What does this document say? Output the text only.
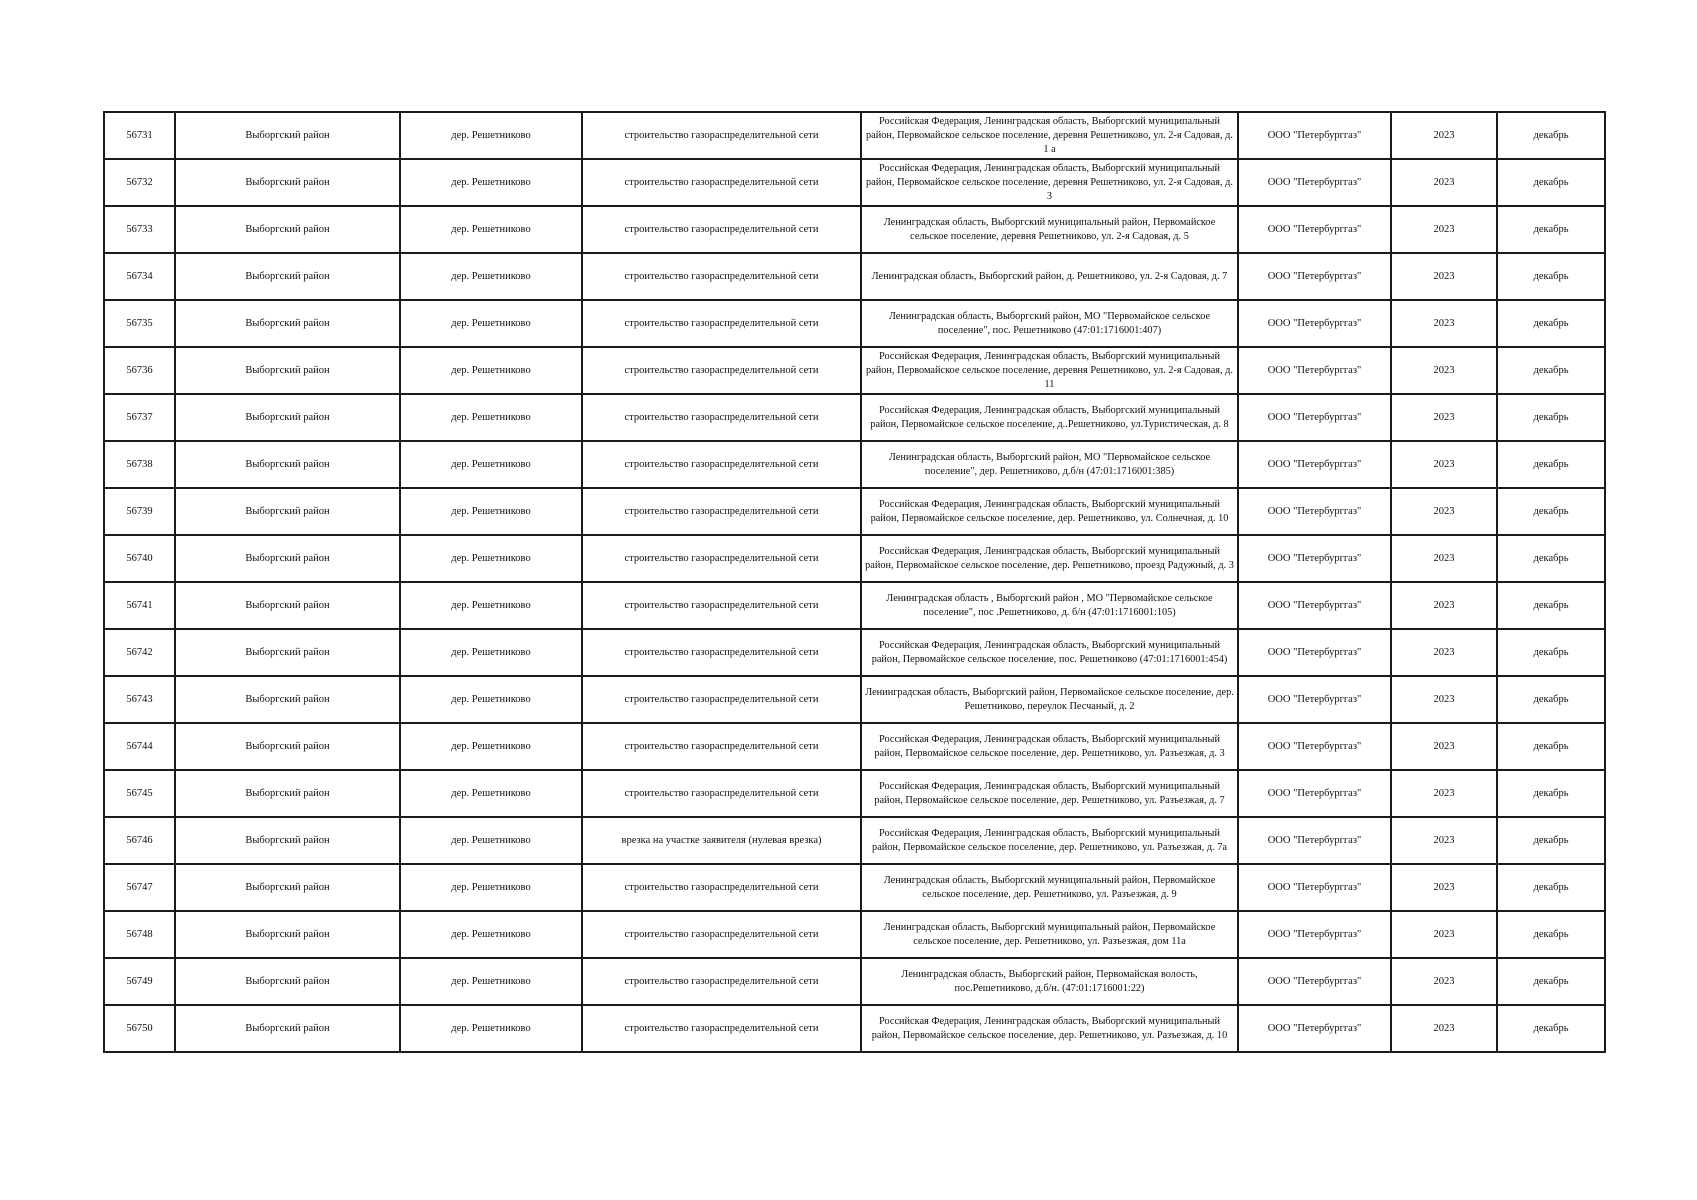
56731	Выборгский район	дер. Решетниково	строительство газораспределительной сети	Российская Федерация, Ленинградская область, Выборгский муниципальный район, Первомайское сельское поселение, деревня Решетниково, ул. 2-я Садовая, д. 1 а	ООО "Петербурггаз"	2023	декабрь
56732	Выборгский район	дер. Решетниково	строительство газораспределительной сети	Российская Федерация, Ленинградская область, Выборгский муниципальный район, Первомайское сельское поселение, деревня Решетниково, ул. 2-я Садовая, д. 3	ООО "Петербурггаз"	2023	декабрь
56733	Выборгский район	дер. Решетниково	строительство газораспределительной сети	Ленинградская область, Выборгский муниципальный район, Первомайское сельское поселение, деревня Решетниково, ул. 2-я Садовая, д. 5	ООО "Петербурггаз"	2023	декабрь
56734	Выборгский район	дер. Решетниково	строительство газораспределительной сети	Ленинградская область, Выборгский район, д. Решетниково, ул. 2-я Садовая, д. 7	ООО "Петербурггаз"	2023	декабрь
56735	Выборгский район	дер. Решетниково	строительство газораспределительной сети	Ленинградская область, Выборгский район, МО "Первомайское сельское поселение", пос. Решетниково (47:01:1716001:407)	ООО "Петербурггаз"	2023	декабрь
56736	Выборгский район	дер. Решетниково	строительство газораспределительной сети	Российская Федерация, Ленинградская область, Выборгский муниципальный район, Первомайское сельское поселение, деревня Решетниково, ул. 2-я Садовая, д. 11	ООО "Петербурггаз"	2023	декабрь
56737	Выборгский район	дер. Решетниково	строительство газораспределительной сети	Российская Федерация, Ленинградская область, Выборгский муниципальный район, Первомайское сельское поселение, д..Решетниково, ул.Туристическая, д. 8	ООО "Петербурггаз"	2023	декабрь
56738	Выборгский район	дер. Решетниково	строительство газораспределительной сети	Ленинградская область, Выборгский район, МО "Первомайское сельское поселение", дер. Решетниково, д.б/н (47:01:1716001:385)	ООО "Петербурггаз"	2023	декабрь
56739	Выборгский район	дер. Решетниково	строительство газораспределительной сети	Российская Федерация, Ленинградская область, Выборгский муниципальный район, Первомайское сельское поселение, дер. Решетниково, ул. Солнечная, д. 10	ООО "Петербурггаз"	2023	декабрь
56740	Выборгский район	дер. Решетниково	строительство газораспределительной сети	Российская Федерация, Ленинградская область, Выборгский муниципальный район, Первомайское сельское поселение, дер. Решетниково, проезд Радужный, д. 3	ООО "Петербурггаз"	2023	декабрь
56741	Выборгский район	дер. Решетниково	строительство газораспределительной сети	Ленинградская область , Выборгский район , МО "Первомайское сельское поселение", пос .Решетниково, д. б/н (47:01:1716001:105)	ООО "Петербурггаз"	2023	декабрь
56742	Выборгский район	дер. Решетниково	строительство газораспределительной сети	Российская Федерация, Ленинградская область, Выборгский муниципальный район, Первомайское сельское поселение, пос. Решетниково (47:01:1716001:454)	ООО "Петербурггаз"	2023	декабрь
56743	Выборгский район	дер. Решетниково	строительство газораспределительной сети	Ленинградская область, Выборгский район, Первомайское сельское поселение, дер. Решетниково, переулок Песчаный, д. 2	ООО "Петербурггаз"	2023	декабрь
56744	Выборгский район	дер. Решетниково	строительство газораспределительной сети	Российская Федерация, Ленинградская область, Выборгский муниципальный район, Первомайское сельское поселение, дер. Решетниково, ул. Разъезжая, д. 3	ООО "Петербурггаз"	2023	декабрь
56745	Выборгский район	дер. Решетниково	строительство газораспределительной сети	Российская Федерация, Ленинградская область, Выборгский муниципальный район, Первомайское сельское поселение, дер. Решетниково, ул. Разъезжая, д. 7	ООО "Петербурггаз"	2023	декабрь
56746	Выборгский район	дер. Решетниково	врезка на участке заявителя (нулевая врезка)	Российская Федерация, Ленинградская область, Выборгский муниципальный район, Первомайское сельское поселение, дер. Решетниково, ул. Разъезжая, д. 7а	ООО "Петербурггаз"	2023	декабрь
56747	Выборгский район	дер. Решетниково	строительство газораспределительной сети	Ленинградская область, Выборгский муниципальный район, Первомайское сельское поселение, дер. Решетниково, ул. Разъезжая, д. 9	ООО "Петербурггаз"	2023	декабрь
56748	Выборгский район	дер. Решетниково	строительство газораспределительной сети	Ленинградская область, Выборгский муниципальный район, Первомайское сельское поселение, дер. Решетниково, ул. Разъезжая, дом 11а	ООО "Петербурггаз"	2023	декабрь
56749	Выборгский район	дер. Решетниково	строительство газораспределительной сети	Ленинградская область, Выборгский район, Первомайская волость, пос.Решетниково, д.б/н. (47:01:1716001:22)	ООО "Петербурггаз"	2023	декабрь
56750	Выборгский район	дер. Решетниково	строительство газораспределительной сети	Российская Федерация, Ленинградская область, Выборгский муниципальный район, Первомайское сельское поселение, дер. Решетниково, ул. Разъезжая, д. 10	ООО "Петербурггаз"	2023	декабрь
